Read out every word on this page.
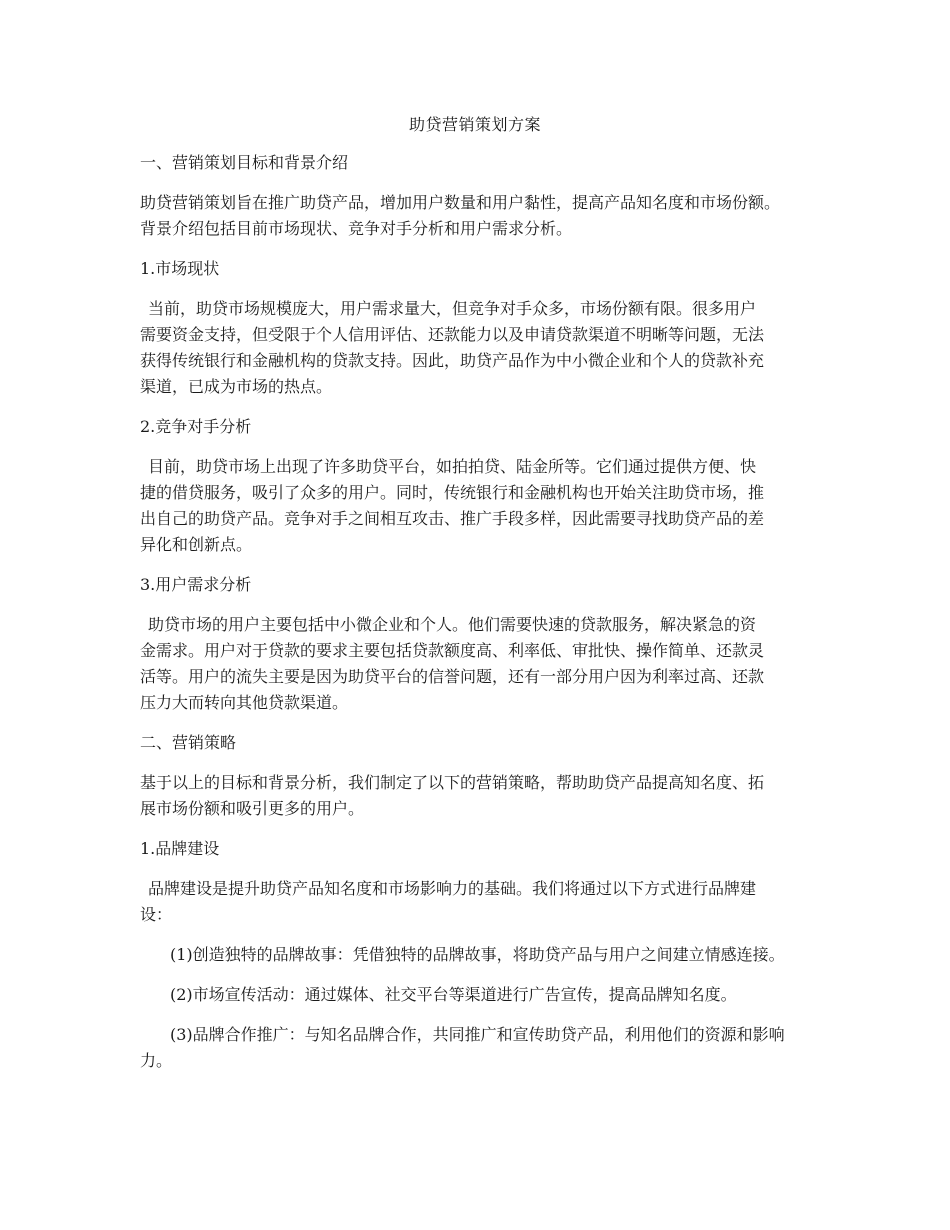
助贷营销策划方案

一、营销策划目标和背景介绍

助贷营销策划旨在推广助贷产品，增加用户数量和用户黏性，提高产品知名度和市场份额。

背景介绍包括目前市场现状、竞争对手分析和用户需求分析。

1.市场现状

当前，助贷市场规模庞大，用户需求量大，但竞争对手众多，市场份额有限。很多用户

需要资金支持，但受限于个人信用评估、还款能力以及申请贷款渠道不明晰等问题，无法

获得传统银行和金融机构的贷款支持。因此，助贷产品作为中小微企业和个人的贷款补充

渠道，已成为市场的热点。

2.竞争对手分析

目前，助贷市场上出现了许多助贷平台，如拍拍贷、陆金所等。它们通过提供方便、快

捷的借贷服务，吸引了众多的用户。同时，传统银行和金融机构也开始关注助贷市场，推

出自己的助贷产品。竞争对手之间相互攻击、推广手段多样，因此需要寻找助贷产品的差

异化和创新点。

3.用户需求分析

助贷市场的用户主要包括中小微企业和个人。他们需要快速的贷款服务，解决紧急的资

金需求。用户对于贷款的要求主要包括贷款额度高、利率低、审批快、操作简单、还款灵

活等。用户的流失主要是因为助贷平台的信誉问题，还有一部分用户因为利率过高、还款

压力大而转向其他贷款渠道。

二、营销策略

基于以上的目标和背景分析，我们制定了以下的营销策略，帮助助贷产品提高知名度、拓

展市场份额和吸引更多的用户。

1.品牌建设

品牌建设是提升助贷产品知名度和市场影响力的基础。我们将通过以下方式进行品牌建

设：

(1)创造独特的品牌故事：凭借独特的品牌故事，将助贷产品与用户之间建立情感连接。

(2)市场宣传活动：通过媒体、社交平台等渠道进行广告宣传，提高品牌知名度。

(3)品牌合作推广：与知名品牌合作，共同推广和宣传助贷产品，利用他们的资源和影响

力。
